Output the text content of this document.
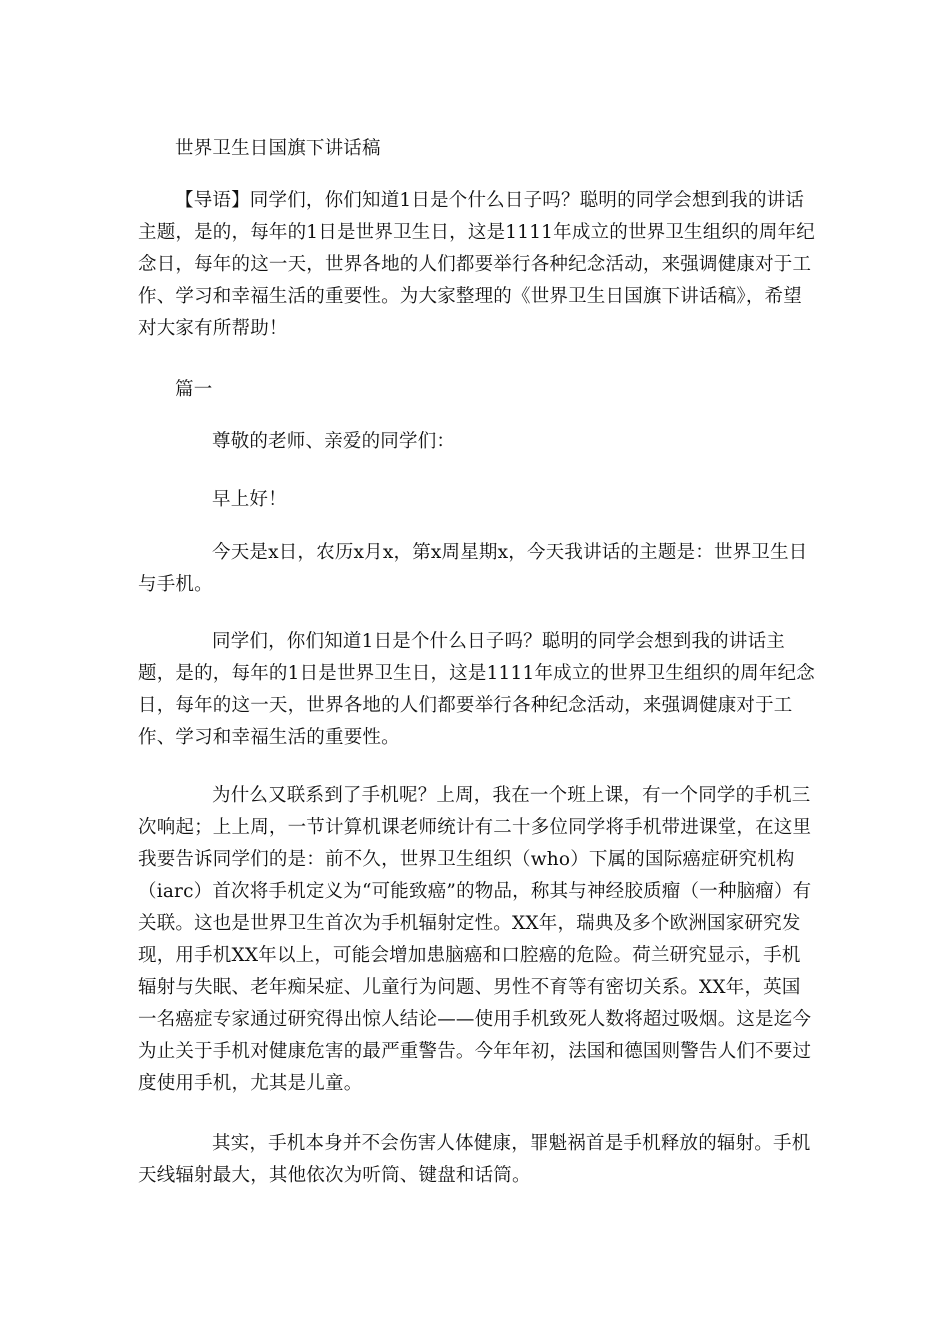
世界卫生日国旗下讲话稿

【导语】同学们，你们知道1日是个什么日子吗？聪明的同学会想到我的讲话主题，是的，每年的1日是世界卫生日，这是1111年成立的世界卫生组织的周年纪念日，每年的这一天，世界各地的人们都要举行各种纪念活动，来强调健康对于工作、学习和幸福生活的重要性。为大家整理的《世界卫生日国旗下讲话稿》，希望对大家有所帮助！

篇一

尊敬的老师、亲爱的同学们：

早上好！

今天是x日，农历x月x，第x周星期x，今天我讲话的主题是：世界卫生日与手机。

同学们，你们知道1日是个什么日子吗？聪明的同学会想到我的讲话主题，是的，每年的1日是世界卫生日，这是1111年成立的世界卫生组织的周年纪念日，每年的这一天，世界各地的人们都要举行各种纪念活动，来强调健康对于工作、学习和幸福生活的重要性。

为什么又联系到了手机呢？上周，我在一个班上课，有一个同学的手机三次响起；上上周，一节计算机课老师统计有二十多位同学将手机带进课堂，在这里我要告诉同学们的是：前不久，世界卫生组织（who）下属的国际癌症研究机构（iarc）首次将手机定义为“可能致癌”的物品，称其与神经胶质瘤（一种脑瘤）有关联。这也是世界卫生首次为手机辐射定性。XX年，瑞典及多个欧洲国家研究发现，用手机XX年以上，可能会增加患脑癌和口腔癌的危险。荷兰研究显示，手机辐射与失眠、老年痴呆症、儿童行为问题、男性不育等有密切关系。XX年，英国一名癌症专家通过研究得出惊人结论——使用手机致死人数将超过吸烟。这是迄今为止关于手机对健康危害的最严重警告。今年年初，法国和德国则警告人们不要过度使用手机，尤其是儿童。

其实，手机本身并不会伤害人体健康，罪魁祸首是手机释放的辐射。手机天线辐射最大，其他依次为听筒、键盘和话筒。
